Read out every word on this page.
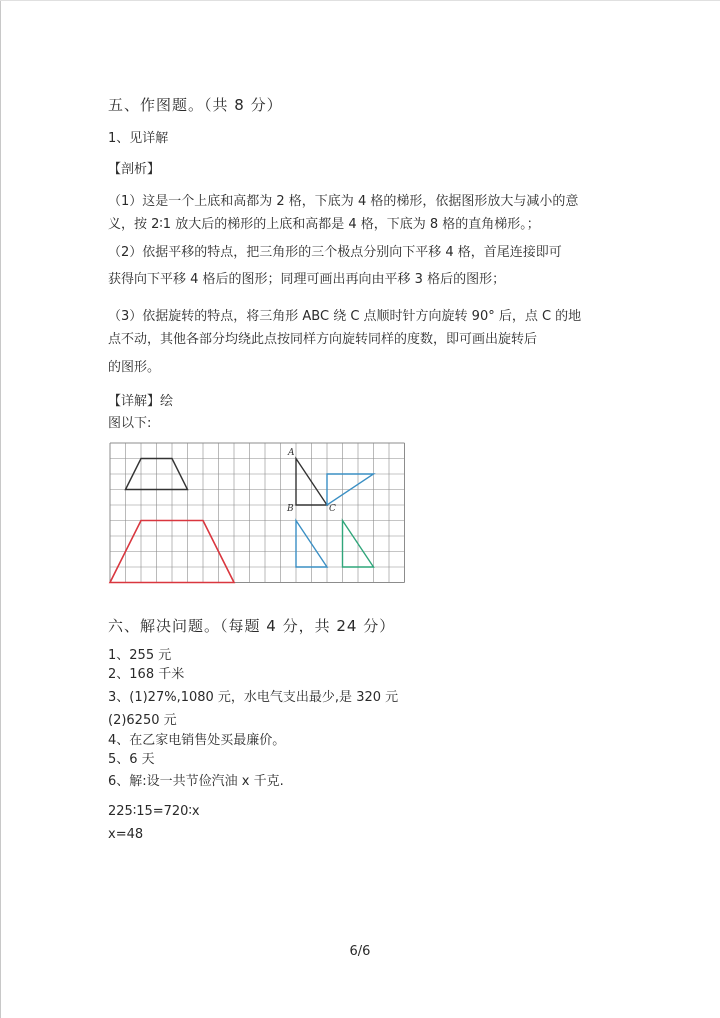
五、作图题。（共 8 分）
1、见详解
【剖析】
（1）这是一个上底和高都为 2 格，下底为 4 格的梯形，依据图形放大与减小的意
义，按 2∶1 放大后的梯形的上底和高都是 4 格，下底为 8 格的直角梯形。；
（2）依据平移的特点，把三角形的三个极点分别向下平移 4 格，首尾连接即可
获得向下平移 4 格后的图形；同理可画出再向由平移 3 格后的图形；
（3）依据旋转的特点，将三角形 ABC 绕 C 点顺时针方向旋转 90° 后，点 C 的地
点不动，其他各部分均绕此点按同样方向旋转同样的度数，即可画出旋转后
的图形。
【详解】绘
图以下:
A
B	C
六、解决问题。（每题 4 分，共 24 分）
1、255 元
2、168 千米
3、(1)27%,1080 元，水电气支出最少,是 320 元
(2)6250 元
4、在乙家电销售处买最廉价。
5、6 天
6、解:设一共节俭汽油 x 千克.
225∶15=720∶x
x=48
6/6
